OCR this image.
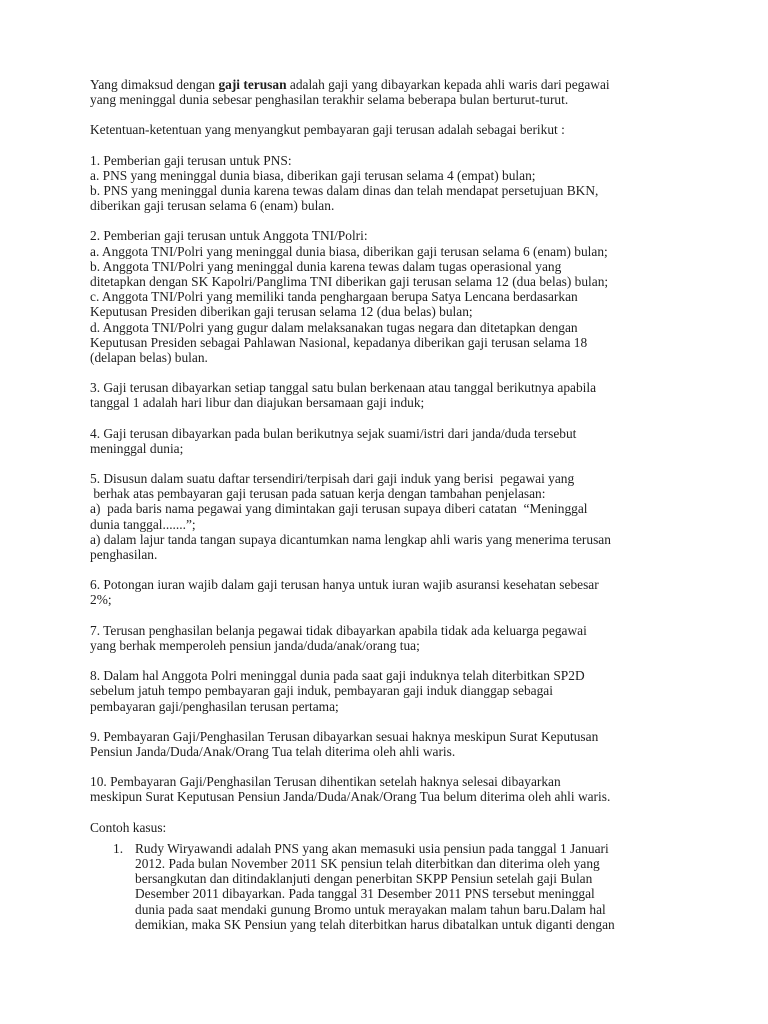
Yang dimaksud dengan gaji terusan adalah gaji yang dibayarkan kepada ahli waris dari pegawai
yang meninggal dunia sebesar penghasilan terakhir selama beberapa bulan berturut-turut.

Ketentuan-ketentuan yang menyangkut pembayaran gaji terusan adalah sebagai berikut :

1. Pemberian gaji terusan untuk PNS:
a. PNS yang meninggal dunia biasa, diberikan gaji terusan selama 4 (empat) bulan;
b. PNS yang meninggal dunia karena tewas dalam dinas dan telah mendapat persetujuan BKN,
diberikan gaji terusan selama 6 (enam) bulan.

2. Pemberian gaji terusan untuk Anggota TNI/Polri:
a. Anggota TNI/Polri yang meninggal dunia biasa, diberikan gaji terusan selama 6 (enam) bulan;
b. Anggota TNI/Polri yang meninggal dunia karena tewas dalam tugas operasional yang
ditetapkan dengan SK Kapolri/Panglima TNI diberikan gaji terusan selama 12 (dua belas) bulan;
c. Anggota TNI/Polri yang memiliki tanda penghargaan berupa Satya Lencana berdasarkan
Keputusan Presiden diberikan gaji terusan selama 12 (dua belas) bulan;
d. Anggota TNI/Polri yang gugur dalam melaksanakan tugas negara dan ditetapkan dengan
Keputusan Presiden sebagai Pahlawan Nasional, kepadanya diberikan gaji terusan selama 18
(delapan belas) bulan.

3. Gaji terusan dibayarkan setiap tanggal satu bulan berkenaan atau tanggal berikutnya apabila
tanggal 1 adalah hari libur dan diajukan bersamaan gaji induk;

4. Gaji terusan dibayarkan pada bulan berikutnya sejak suami/istri dari janda/duda tersebut
meninggal dunia;

5. Disusun dalam suatu daftar tersendiri/terpisah dari gaji induk yang berisi  pegawai yang
berhak atas pembayaran gaji terusan pada satuan kerja dengan tambahan penjelasan:
a)  pada baris nama pegawai yang dimintakan gaji terusan supaya diberi catatan  “Meninggal
dunia tanggal.......”;
a) dalam lajur tanda tangan supaya dicantumkan nama lengkap ahli waris yang menerima terusan
penghasilan.

6. Potongan iuran wajib dalam gaji terusan hanya untuk iuran wajib asuransi kesehatan sebesar
2%;

7. Terusan penghasilan belanja pegawai tidak dibayarkan apabila tidak ada keluarga pegawai
yang berhak memperoleh pensiun janda/duda/anak/orang tua;

8. Dalam hal Anggota Polri meninggal dunia pada saat gaji induknya telah diterbitkan SP2D
sebelum jatuh tempo pembayaran gaji induk, pembayaran gaji induk dianggap sebagai
pembayaran gaji/penghasilan terusan pertama;

9. Pembayaran Gaji/Penghasilan Terusan dibayarkan sesuai haknya meskipun Surat Keputusan
Pensiun Janda/Duda/Anak/Orang Tua telah diterima oleh ahli waris.

10. Pembayaran Gaji/Penghasilan Terusan dihentikan setelah haknya selesai dibayarkan
meskipun Surat Keputusan Pensiun Janda/Duda/Anak/Orang Tua belum diterima oleh ahli waris.

Contoh kasus:

1. Rudy Wiryawandi adalah PNS yang akan memasuki usia pensiun pada tanggal 1 Januari
2012. Pada bulan November 2011 SK pensiun telah diterbitkan dan diterima oleh yang
bersangkutan dan ditindaklanjuti dengan penerbitan SKPP Pensiun setelah gaji Bulan
Desember 2011 dibayarkan. Pada tanggal 31 Desember 2011 PNS tersebut meninggal
dunia pada saat mendaki gunung Bromo untuk merayakan malam tahun baru.Dalam hal
demikian, maka SK Pensiun yang telah diterbitkan harus dibatalkan untuk diganti dengan
